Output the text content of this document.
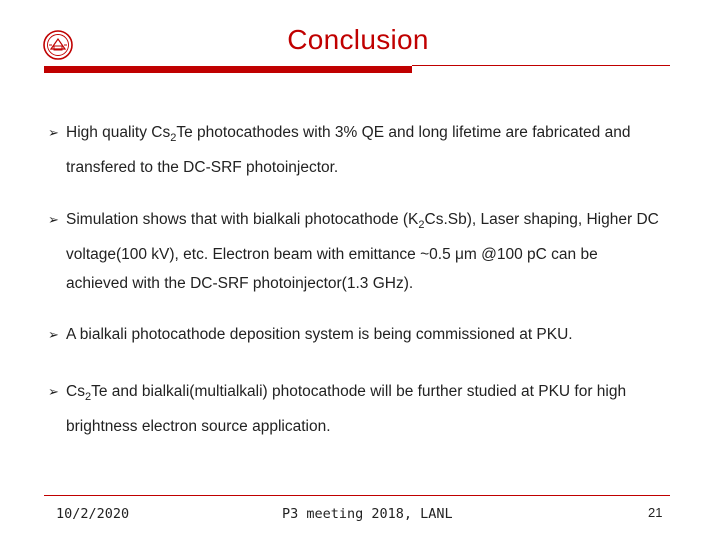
Conclusion
➢ High quality $Cs_2Te$ photocathodes with 3% QE and long lifetime are fabricated and
transfered to the DC-SRF photoinjector.
➢ Simulation shows that with bialkali photocathode $(K_2Cs.Sb)$, Laser shaping, Higher DC
voltage(100 kV), etc. Electron beam with emittance ~0.5 μm @100 pC can be
achieved with the DC-SRF photoinjector(1.3 GHz).
➢ A bialkali photocathode deposition system is being commissioned at PKU.
➢ $Cs_2Te$ and bialkali(multialkali) photocathode will be further studied at PKU for high
brightness electron source application.
10/2/2020	P3 meeting 2018, LANL	21
